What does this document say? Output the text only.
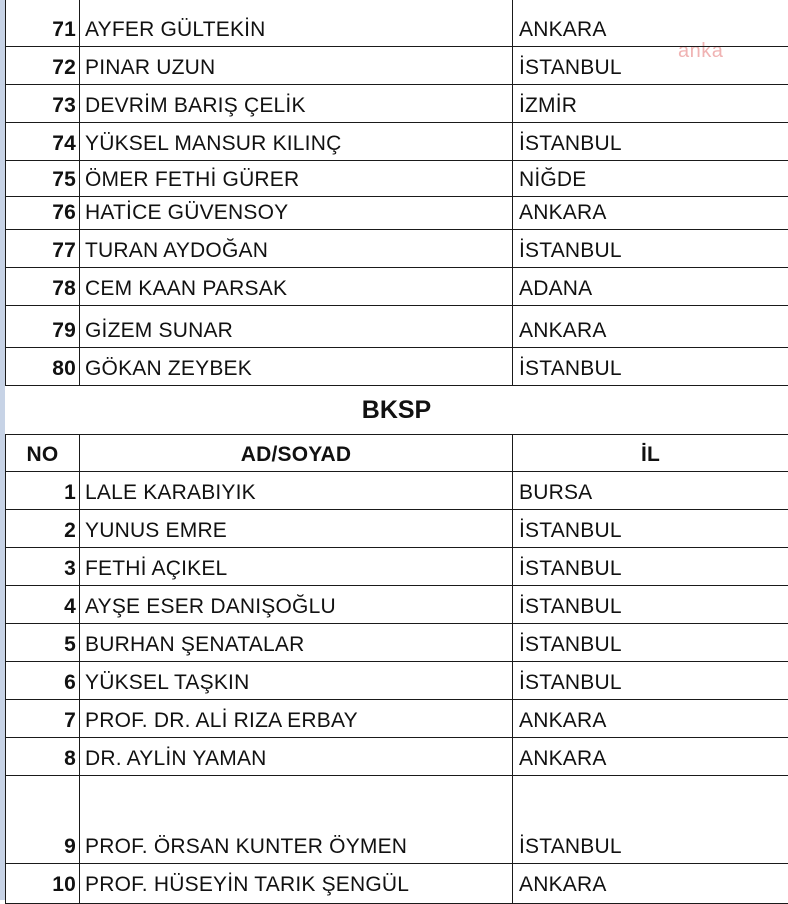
anka
71 AYFER GÜLTEKİN	ANKARA
72 PINAR UZUN	İSTANBUL
73 DEVRİM BARIŞ ÇELİK	İZMİR
74 YÜKSEL MANSUR KILINÇ	İSTANBUL
75 ÖMER FETHİ GÜRER	NİĞDE
76 HATİCE GÜVENSOY	ANKARA
77 TURAN AYDOĞAN	İSTANBUL
78 CEM KAAN PARSAK	ADANA
79 GİZEM SUNAR	ANKARA
80 GÖKAN ZEYBEK	İSTANBUL
BKSP
NO	AD/SOYAD	İL
1 LALE KARABIYIK	BURSA
2 YUNUS EMRE	İSTANBUL
3 FETHİ AÇIKEL	İSTANBUL
4 AYŞE ESER DANIŞOĞLU	İSTANBUL
5 BURHAN ŞENATALAR	İSTANBUL
6 YÜKSEL TAŞKIN	İSTANBUL
7 PROF. DR. ALİ RIZA ERBAY	ANKARA
8 DR. AYLİN YAMAN	ANKARA
9 PROF. ÖRSAN KUNTER ÖYMEN	İSTANBUL
10 PROF. HÜSEYİN TARIK ŞENGÜL	ANKARA
